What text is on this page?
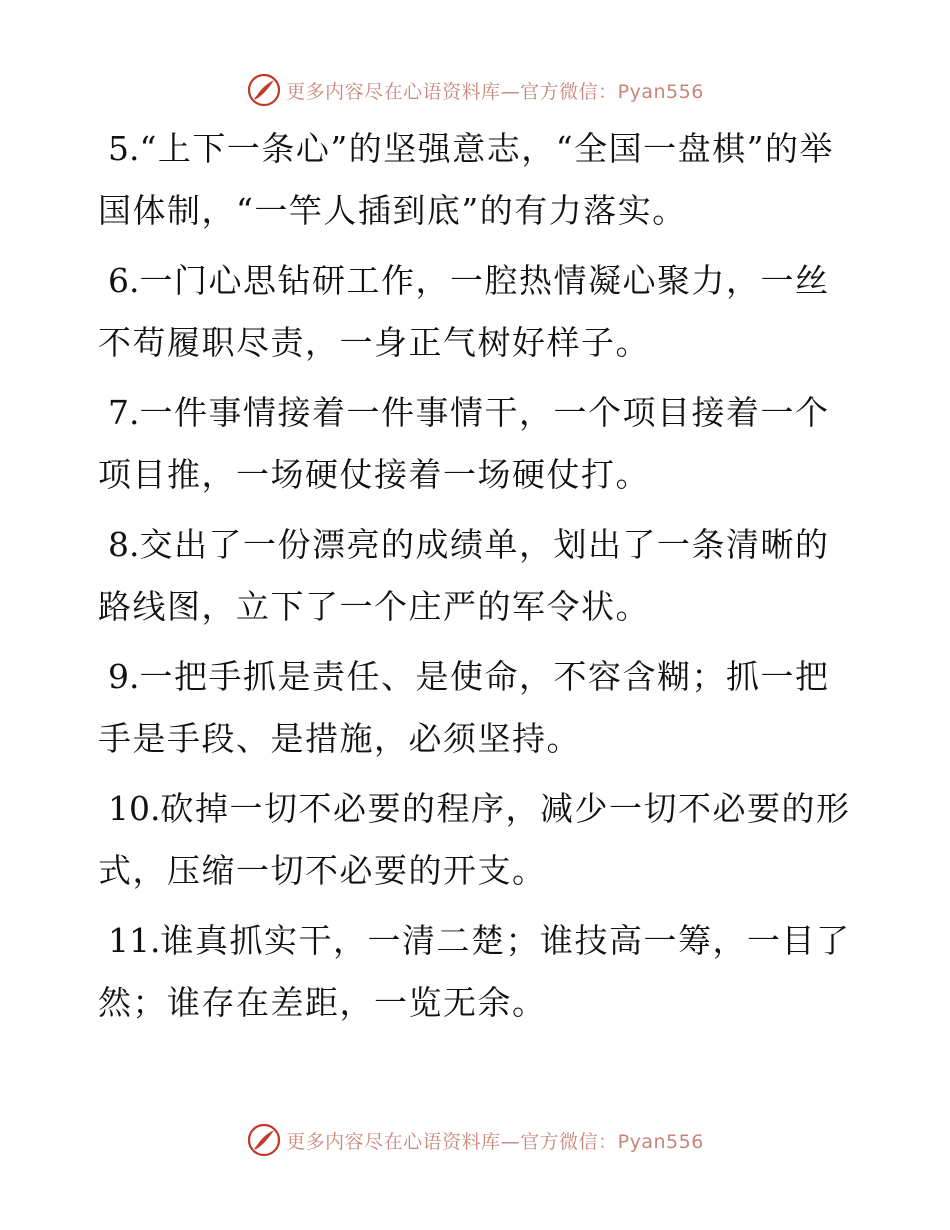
更多内容尽在心语资料库—官方微信：Pyan556

5.“上下一条心”的坚强意志，“全国一盘棋”的举国体制，“一竿人插到底”的有力落实。

6.一门心思钻研工作，一腔热情凝心聚力，一丝不苟履职尽责，一身正气树好样子。

7.一件事情接着一件事情干，一个项目接着一个项目推，一场硬仗接着一场硬仗打。

8.交出了一份漂亮的成绩单，划出了一条清晰的路线图，立下了一个庄严的军令状。

9.一把手抓是责任、是使命，不容含糊；抓一把手是手段、是措施，必须坚持。

10.砍掉一切不必要的程序，减少一切不必要的形式，压缩一切不必要的开支。

11.谁真抓实干，一清二楚；谁技高一筹，一目了然；谁存在差距，一览无余。

更多内容尽在心语资料库—官方微信：Pyan556
